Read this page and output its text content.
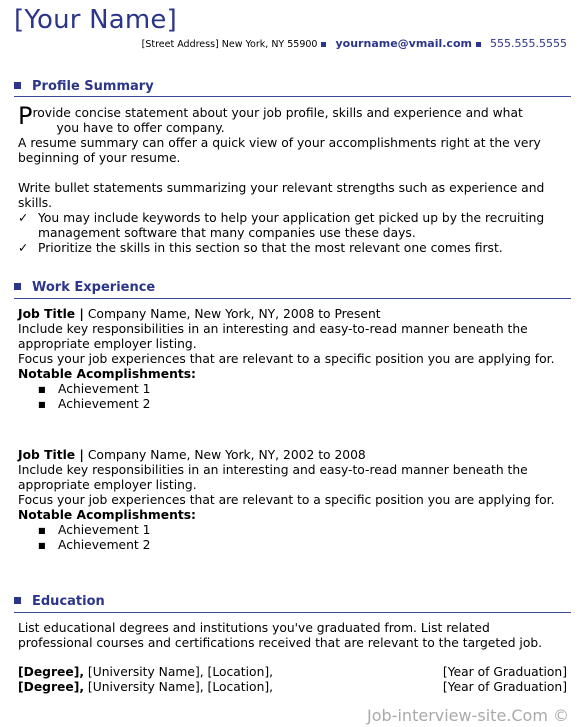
[Your Name]
[Street Address] New York, NY 55900 yourname@vmail.com 555.555.5555
Profile Summary
Provide concise statement about your job profile, skills and experience and what
you have to offer company.
A resume summary can offer a quick view of your accomplishments right at the very beginning of your resume.
Write bullet statements summarizing your relevant strengths such as experience and skills.
✓ You may include keywords to help your application get picked up by the recruiting management software that many companies use these days.
✓ Prioritize the skills in this section so that the most relevant one comes first.
Work Experience
Job Title | Company Name, New York, NY, 2008 to Present
Include key responsibilities in an interesting and easy-to-read manner beneath the appropriate employer listing.
Focus your job experiences that are relevant to a specific position you are applying for.
Notable Acomplishments:
■	Achievement 1
■	Achievement 2
Job Title | Company Name, New York, NY, 2002 to 2008
Include key responsibilities in an interesting and easy-to-read manner beneath the appropriate employer listing.
Focus your job experiences that are relevant to a specific position you are applying for.
Notable Acomplishments:
■	Achievement 1
■	Achievement 2
Education
List educational degrees and institutions you've graduated from. List related professional courses and certifications received that are relevant to the targeted job.
[Degree], [University Name], [Location],	[Year of Graduation]
[Degree], [University Name], [Location],	[Year of Graduation]
Job-interview-site.Com ©
